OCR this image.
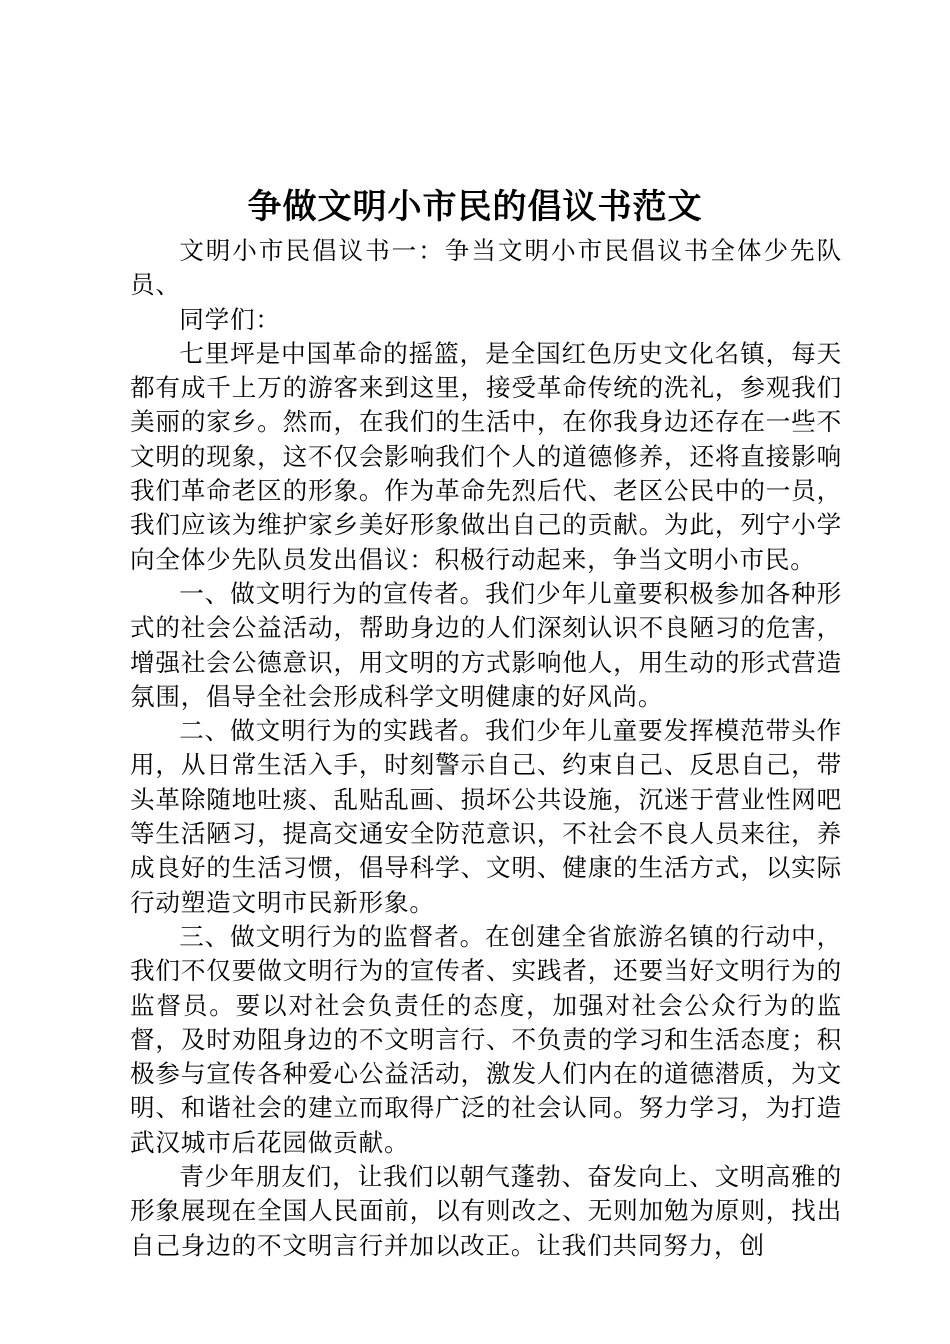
争做文明小市民的倡议书范文

文明小市民倡议书一：争当文明小市民倡议书全体少先队员、

同学们：

七里坪是中国革命的摇篮，是全国红色历史文化名镇，每天都有成千上万的游客来到这里，接受革命传统的洗礼，参观我们美丽的家乡。然而，在我们的生活中，在你我身边还存在一些不文明的现象，这不仅会影响我们个人的道德修养，还将直接影响我们革命老区的形象。作为革命先烈后代、老区公民中的一员，我们应该为维护家乡美好形象做出自己的贡献。为此，列宁小学向全体少先队员发出倡议：积极行动起来，争当文明小市民。

一、做文明行为的宣传者。我们少年儿童要积极参加各种形式的社会公益活动，帮助身边的人们深刻认识不良陋习的危害，增强社会公德意识，用文明的方式影响他人，用生动的形式营造氛围，倡导全社会形成科学文明健康的好风尚。

二、做文明行为的实践者。我们少年儿童要发挥模范带头作用，从日常生活入手，时刻警示自己、约束自己、反思自己，带头革除随地吐痰、乱贴乱画、损坏公共设施，沉迷于营业性网吧等生活陋习，提高交通安全防范意识，不社会不良人员来往，养成良好的生活习惯，倡导科学、文明、健康的生活方式，以实际行动塑造文明市民新形象。

三、做文明行为的监督者。在创建全省旅游名镇的行动中，我们不仅要做文明行为的宣传者、实践者，还要当好文明行为的监督员。要以对社会负责任的态度，加强对社会公众行为的监督，及时劝阻身边的不文明言行、不负责的学习和生活态度；积极参与宣传各种爱心公益活动，激发人们内在的道德潜质，为文明、和谐社会的建立而取得广泛的社会认同。努力学习，为打造武汉城市后花园做贡献。

青少年朋友们，让我们以朝气蓬勃、奋发向上、文明高雅的形象展现在全国人民面前，以有则改之、无则加勉为原则，找出自己身边的不文明言行并加以改正。让我们共同努力，创
